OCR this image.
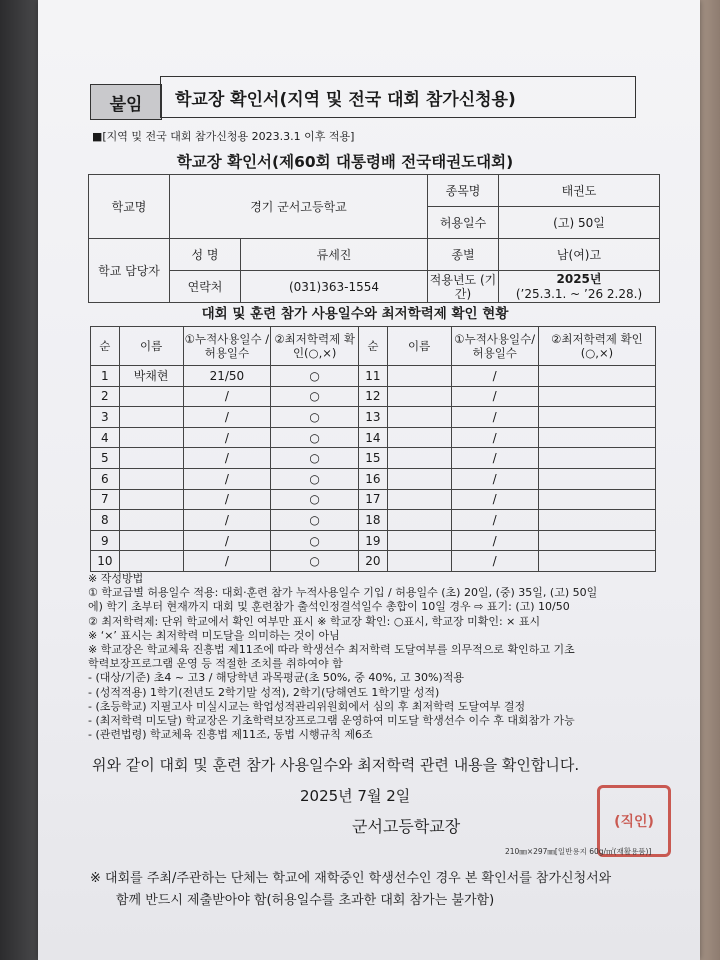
붙임 학교장 확인서(지역 및 전국 대회 참가신청용)
■[지역 및 전국 대회 참가신청용 2023.3.1 이후 적용]
학교장 확인서(제60회 대통령배 전국태권도대회)
학교명	경기 군서고등학교		종목명	태권도
			허용일수	(고) 50일
학교 담당자	성 명	류세진	종별	남(여)고
	연락처	(031)363-1554	적용년도 (기간)	2025년
(’25.3.1. ~ ’26 2.28.)
대회 및 훈련 참가 사용일수와 최저학력제 확인 현황
순	이름	①누적사용일수 /허용일수	②최저학력제 확인(○,×)	순	이름	①누적사용일수/ 허용일수	②최저학력제 확인(○,×)
1	박채현	21/50	○	11		/	
2		/	○	12		/	
3		/	○	13		/	
4		/	○	14		/	
5		/	○	15		/	
6		/	○	16		/	
7		/	○	17		/	
8		/	○	18		/	
9		/	○	19		/	
10		/	○	20		/	
※ 작성방법
① 학교급별 허용일수 적용: 대회·훈련 참가 누적사용일수 기입 / 허용일수 (초) 20일, (중) 35일, (고) 50일
에) 학기 초부터 현재까지 대회 및 훈련참가 출석인정결석일수 총합이 10일 경우 ⇨ 표기: (고) 10/50
② 최저학력제: 단위 학교에서 확인 여부만 표시 ※ 학교장 확인: ○표시, 학교장 미확인: × 표시
※ ‘×’ 표시는 최저학력 미도달을 의미하는 것이 아님
※ 학교장은 학교체육 진흥법 제11조에 따라 학생선수 최저학력 도달여부를 의무적으로 확인하고 기초
학력보장프로그램 운영 등 적절한 조치를 취하여야 함
- (대상/기준) 초4 ~ 고3 / 해당학년 과목평균(초 50%, 중 40%, 고 30%)적용
- (성적적용) 1학기(전년도 2학기말 성적), 2학기(당해연도 1학기말 성적)
- (초등학교) 지필고사 미실시교는 학업성적관리위원회에서 심의 후 최저학력 도달여부 결정
- (최저학력 미도달) 학교장은 기초학력보장프로그램 운영하여 미도달 학생선수 이수 후 대회참가 가능
- (관련법령) 학교체육 진흥법 제11조, 동법 시행규칙 제6조
위와 같이 대회 및 훈련 참가 사용일수와 최저학력 관련 내용을 확인합니다.
2025년 7월 2일
군서고등학교장	(직인)
210㎜×297㎜[일반용지 60g/㎡(재활용품)]
※ 대회를 주최/주관하는 단체는 학교에 재학중인 학생선수인 경우 본 확인서를 참가신청서와
함께 반드시 제출받아야 함(허용일수를 초과한 대회 참가는 불가함)
